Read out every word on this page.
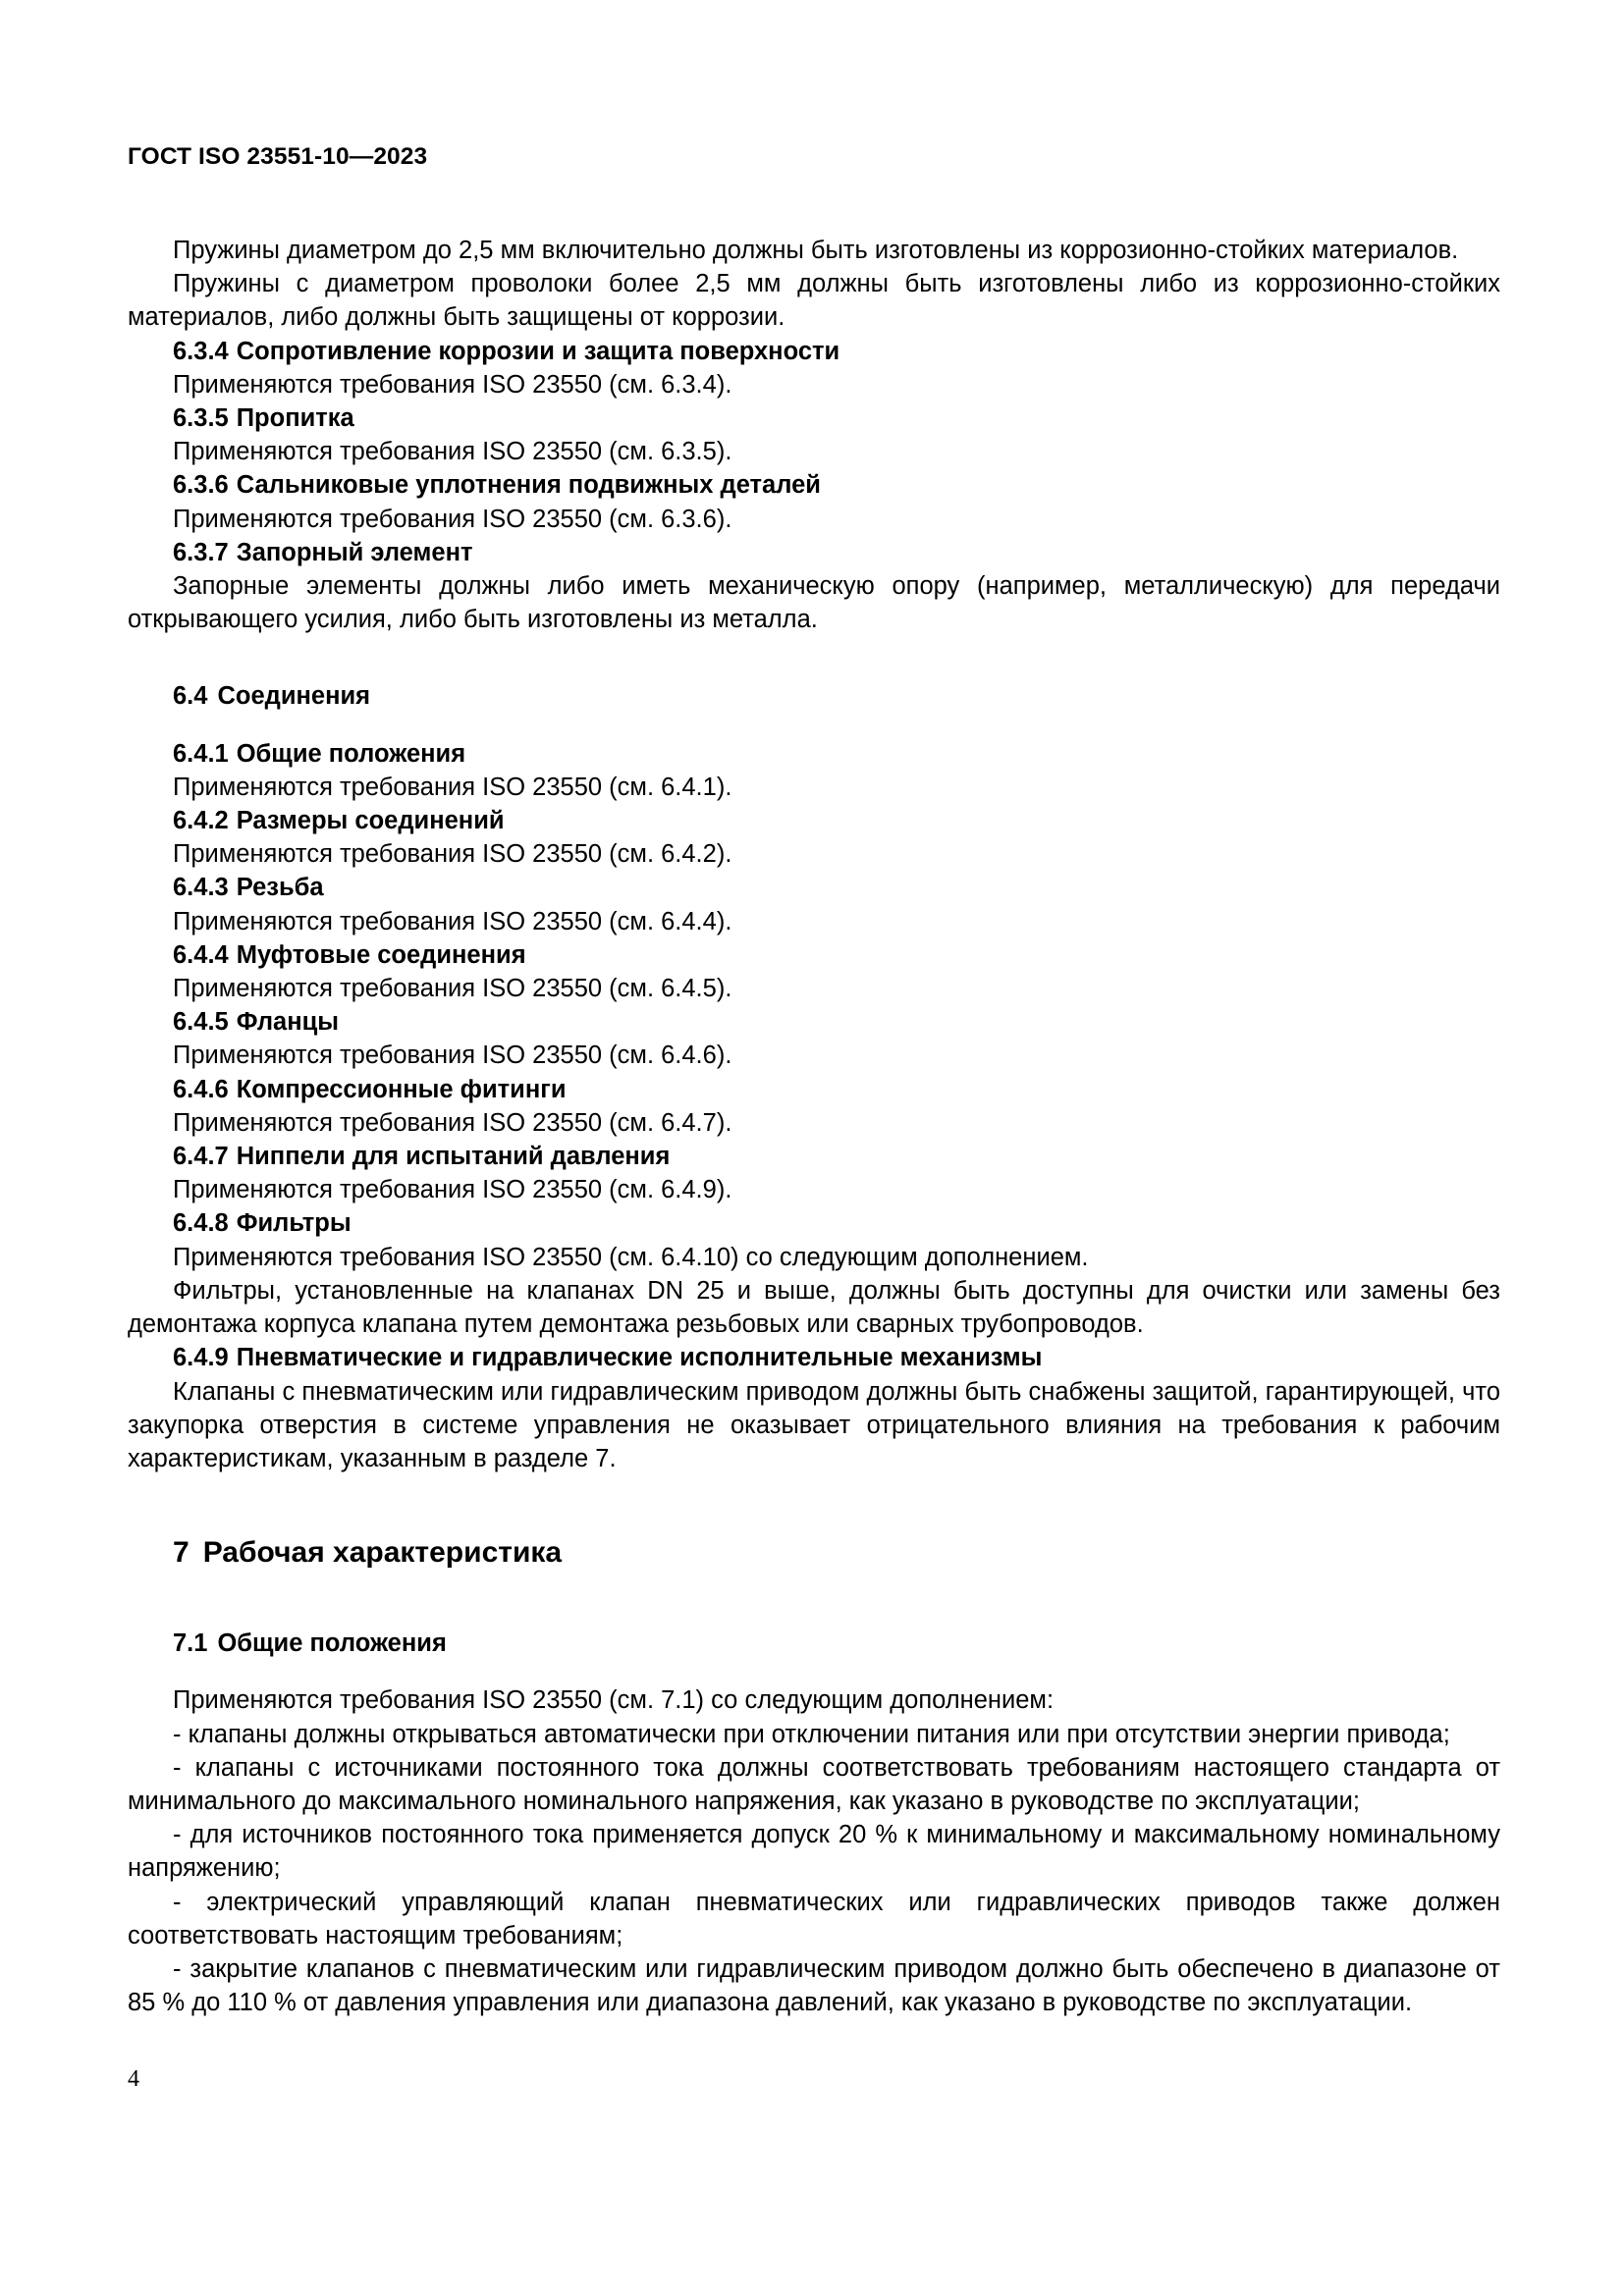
ГОСТ ISO 23551-10—2023

Пружины диаметром до 2,5 мм включительно должны быть изготовлены из коррозионно-стойких материалов.

Пружины с диаметром проволоки более 2,5 мм должны быть изготовлены либо из коррозионно-стойких материалов, либо должны быть защищены от коррозии.

6.3.4 Сопротивление коррозии и защита поверхности

Применяются требования ISO 23550 (см. 6.3.4).

6.3.5 Пропитка

Применяются требования ISO 23550 (см. 6.3.5).

6.3.6 Сальниковые уплотнения подвижных деталей

Применяются требования ISO 23550 (см. 6.3.6).

6.3.7 Запорный элемент

Запорные элементы должны либо иметь механическую опору (например, металлическую) для передачи открывающего усилия, либо быть изготовлены из металла.

6.4 Соединения
6.4.1 Общие положения

Применяются требования ISO 23550 (см. 6.4.1).

6.4.2 Размеры соединений

Применяются требования ISO 23550 (см. 6.4.2).

6.4.3 Резьба

Применяются требования ISO 23550 (см. 6.4.4).

6.4.4 Муфтовые соединения

Применяются требования ISO 23550 (см. 6.4.5).

6.4.5 Фланцы

Применяются требования ISO 23550 (см. 6.4.6).

6.4.6 Компрессионные фитинги

Применяются требования ISO 23550 (см. 6.4.7).

6.4.7 Ниппели для испытаний давления

Применяются требования ISO 23550 (см. 6.4.9).

6.4.8 Фильтры

Применяются требования ISO 23550 (см. 6.4.10) со следующим дополнением.

Фильтры, установленные на клапанах DN 25 и выше, должны быть доступны для очистки или замены без демонтажа корпуса клапана путем демонтажа резьбовых или сварных трубопроводов.

6.4.9 Пневматические и гидравлические исполнительные механизмы

Клапаны с пневматическим или гидравлическим приводом должны быть снабжены защитой, гарантирующей, что закупорка отверстия в системе управления не оказывает отрицательного влияния на требования к рабочим характеристикам, указанным в разделе 7.

7 Рабочая характеристика
7.1 Общие положения

Применяются требования ISO 23550 (см. 7.1) со следующим дополнением:

- клапаны должны открываться автоматически при отключении питания или при отсутствии энергии привода;

- клапаны с источниками постоянного тока должны соответствовать требованиям настоящего стандарта от минимального до максимального номинального напряжения, как указано в руководстве по эксплуатации;

- для источников постоянного тока применяется допуск 20 % к минимальному и максимальному номинальному напряжению;

- электрический управляющий клапан пневматических или гидравлических приводов также должен соответствовать настоящим требованиям;

- закрытие клапанов с пневматическим или гидравлическим приводом должно быть обеспечено в диапазоне от 85 % до 110 % от давления управления или диапазона давлений, как указано в руководстве по эксплуатации.

4
